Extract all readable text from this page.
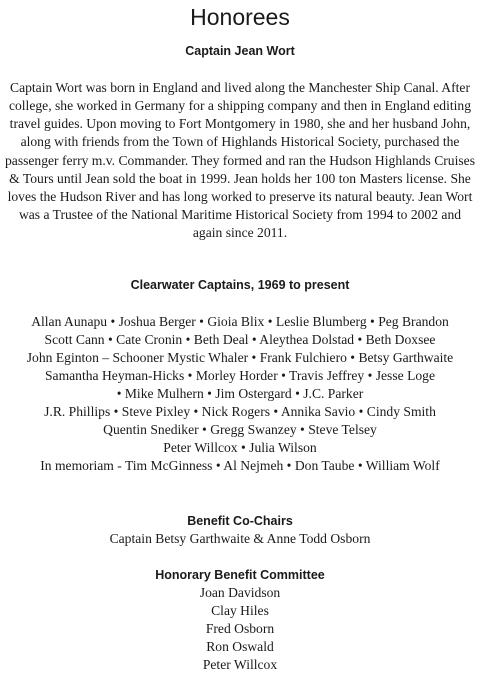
Honorees
Captain Jean Wort

Captain Wort was born in England and lived along the Manchester Ship Canal. After college, she worked in Germany for a shipping company and then in England editing travel guides. Upon moving to Fort Montgomery in 1980, she and her husband John, along with friends from the Town of Highlands Historical Society, purchased the passenger ferry m.v. Commander. They formed and ran the Hudson Highlands Cruises & Tours until Jean sold the boat in 1999. Jean holds her 100 ton Masters license. She loves the Hudson River and has long worked to preserve its natural beauty. Jean Wort was a Trustee of the National Maritime Historical Society from 1994 to 2002 and again since 2011.

Clearwater Captains, 1969 to present
Allan Aunapu • Joshua Berger • Gioia Blix • Leslie Blumberg • Peg Brandon
Scott Cann • Cate Cronin • Beth Deal • Aleythea Dolstad • Beth Doxsee
John Eginton – Schooner Mystic Whaler • Frank Fulchiero • Betsy Garthwaite
Samantha Heyman-Hicks • Morley Horder • Travis Jeffrey • Jesse Loge
• Mike Mulhern • Jim Ostergard • J.C. Parker
J.R. Phillips • Steve Pixley • Nick Rogers • Annika Savio • Cindy Smith
Quentin Snediker • Gregg Swanzey • Steve Telsey
Peter Willcox • Julia Wilson
In memoriam - Tim McGinness • Al Nejmeh • Don Taube • William Wolf
Benefit Co-Chairs

Captain Betsy Garthwaite & Anne Todd Osborn

Honorary Benefit Committee
Joan Davidson
Clay Hiles
Fred Osborn
Ron Oswald
Peter Willcox
